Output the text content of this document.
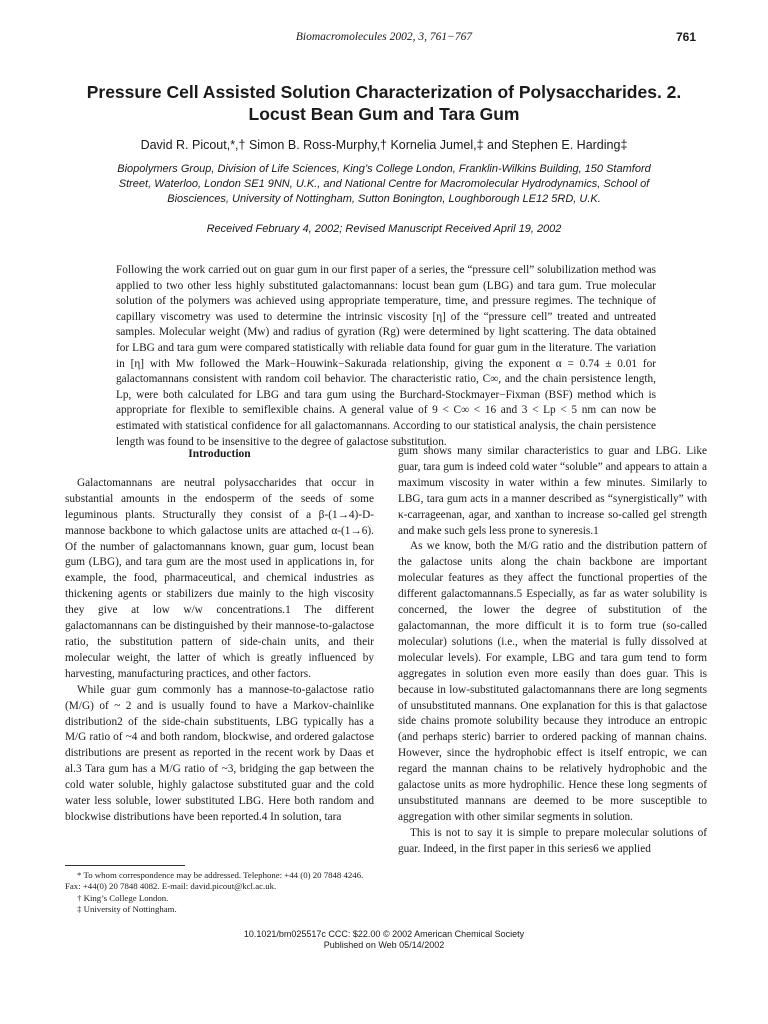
Biomacromolecules 2002, 3, 761−767	761
Pressure Cell Assisted Solution Characterization of Polysaccharides. 2. Locust Bean Gum and Tara Gum
David R. Picout,*,† Simon B. Ross-Murphy,† Kornelia Jumel,‡ and Stephen E. Harding‡
Biopolymers Group, Division of Life Sciences, King’s College London, Franklin-Wilkins Building, 150 Stamford Street, Waterloo, London SE1 9NN, U.K., and National Centre for Macromolecular Hydrodynamics, School of Biosciences, University of Nottingham, Sutton Bonington, Loughborough LE12 5RD, U.K.
Received February 4, 2002; Revised Manuscript Received April 19, 2002
Following the work carried out on guar gum in our first paper of a series, the “pressure cell” solubilization method was applied to two other less highly substituted galactomannans: locust bean gum (LBG) and tara gum. True molecular solution of the polymers was achieved using appropriate temperature, time, and pressure regimes. The technique of capillary viscometry was used to determine the intrinsic viscosity [η] of the “pressure cell” treated and untreated samples. Molecular weight (Mw) and radius of gyration (Rg) were determined by light scattering. The data obtained for LBG and tara gum were compared statistically with reliable data found for guar gum in the literature. The variation in [η] with Mw followed the Mark−Houwink−Sakurada relationship, giving the exponent α = 0.74 ± 0.01 for galactomannans consistent with random coil behavior. The characteristic ratio, C∞, and the chain persistence length, Lp, were both calculated for LBG and tara gum using the Burchard-Stockmayer−Fixman (BSF) method which is appropriate for flexible to semiflexible chains. A general value of 9 < C∞ < 16 and 3 < Lp < 5 nm can now be estimated with statistical confidence for all galactomannans. According to our statistical analysis, the chain persistence length was found to be insensitive to the degree of galactose substitution.
Introduction

Galactomannans are neutral polysaccharides that occur in substantial amounts in the endosperm of the seeds of some leguminous plants. Structurally they consist of a β-(1→4)-D-mannose backbone to which galactose units are attached α-(1→6). Of the number of galactomannans known, guar gum, locust bean gum (LBG), and tara gum are the most used in applications in, for example, the food, pharmaceutical, and chemical industries as thickening agents or stabilizers due mainly to the high viscosity they give at low w/w concentrations.1 The different galactomannans can be distinguished by their mannose-to-galactose ratio, the substitution pattern of side-chain units, and their molecular weight, the latter of which is greatly influenced by harvesting, manufacturing practices, and other factors.

While guar gum commonly has a mannose-to-galactose ratio (M/G) of ~ 2 and is usually found to have a Markov-chainlike distribution2 of the side-chain substituents, LBG typically has a M/G ratio of ~4 and both random, blockwise, and ordered galactose distributions are present as reported in the recent work by Daas et al.3 Tara gum has a M/G ratio of ~3, bridging the gap between the cold water soluble, highly galactose substituted guar and the cold water less soluble, lower substituted LBG. Here both random and blockwise distributions have been reported.4 In solution, tara

* To whom correspondence may be addressed. Telephone: +44 (0) 20 7848 4246. Fax: +44(0) 20 7848 4082. E-mail: david.picout@kcl.ac.uk.

† King’s College London.

‡ University of Nottingham.

gum shows many similar characteristics to guar and LBG. Like guar, tara gum is indeed cold water “soluble” and appears to attain a maximum viscosity in water within a few minutes. Similarly to LBG, tara gum acts in a manner described as “synergistically” with κ-carrageenan, agar, and xanthan to increase so-called gel strength and make such gels less prone to syneresis.1

As we know, both the M/G ratio and the distribution pattern of the galactose units along the chain backbone are important molecular features as they affect the functional properties of the different galactomannans.5 Especially, as far as water solubility is concerned, the lower the degree of substitution of the galactomannan, the more difficult it is to form true (so-called molecular) solutions (i.e., when the material is fully dissolved at molecular levels). For example, LBG and tara gum tend to form aggregates in solution even more easily than does guar. This is because in low-substituted galactomannans there are long segments of unsubstituted mannans. One explanation for this is that galactose side chains promote solubility because they introduce an entropic (and perhaps steric) barrier to ordered packing of mannan chains. However, since the hydrophobic effect is itself entropic, we can regard the mannan chains to be relatively hydrophobic and the galactose units as more hydrophilic. Hence these long segments of unsubstituted mannans are deemed to be more susceptible to aggregation with other similar segments in solution.

This is not to say it is simple to prepare molecular solutions of guar. Indeed, in the first paper in this series6 we applied

10.1021/bm025517c CCC: $22.00 © 2002 American Chemical Society
Published on Web 05/14/2002
